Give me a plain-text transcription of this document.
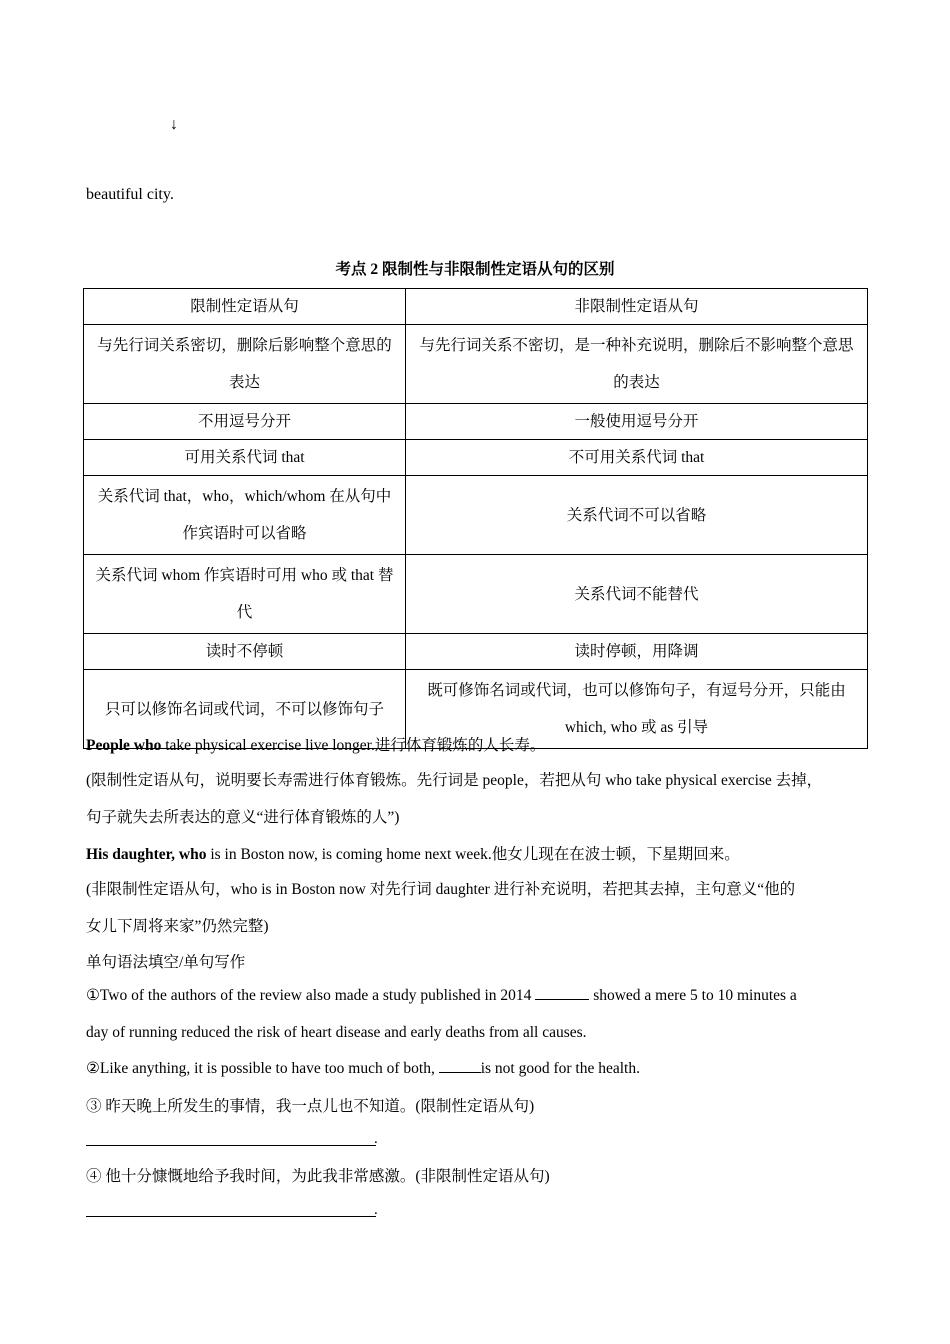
↓
beautiful city.
考点 2 限制性与非限制性定语从句的区别
限制性定语从句	非限制性定语从句
与先行词关系密切，删除后影响整个意思的表达	与先行词关系不密切，是一种补充说明，删除后不影响整个意思的表达
不用逗号分开	一般使用逗号分开
可用关系代词 that	不可用关系代词 that
关系代词 that，who，which/whom 在从句中作宾语时可以省略	关系代词不可以省略
关系代词 whom 作宾语时可用 who 或 that 替代	关系代词不能替代
读时不停顿	读时停顿，用降调
只可以修饰名词或代词，不可以修饰句子	既可修饰名词或代词，也可以修饰句子，有逗号分开，只能由 which, who 或 as 引导
People who take physical exercise live longer.进行体育锻炼的人长寿。
(限制性定语从句，说明要长寿需进行体育锻炼。先行词是 people，若把从句 who take physical exercise 去掉，
句子就失去所表达的意义“进行体育锻炼的人”)
His daughter, who is in Boston now, is coming home next week.他女儿现在在波士顿，下星期回来。
(非限制性定语从句，who is in Boston now 对先行词 daughter 进行补充说明，若把其去掉，主句意义“他的
女儿下周将来家”仍然完整)
单句语法填空/单句写作
①Two of the authors of the review also made a study published in 2014	showed a mere 5 to 10 minutes a
day of running reduced the risk of heart disease and early deaths from all causes.
②Like anything, it is possible to have too much of both,	is not good for the health.
③ 昨天晚上所发生的事情，我一点儿也不知道。(限制性定语从句)
.
④ 他十分慷慨地给予我时间，为此我非常感激。(非限制性定语从句)
.
